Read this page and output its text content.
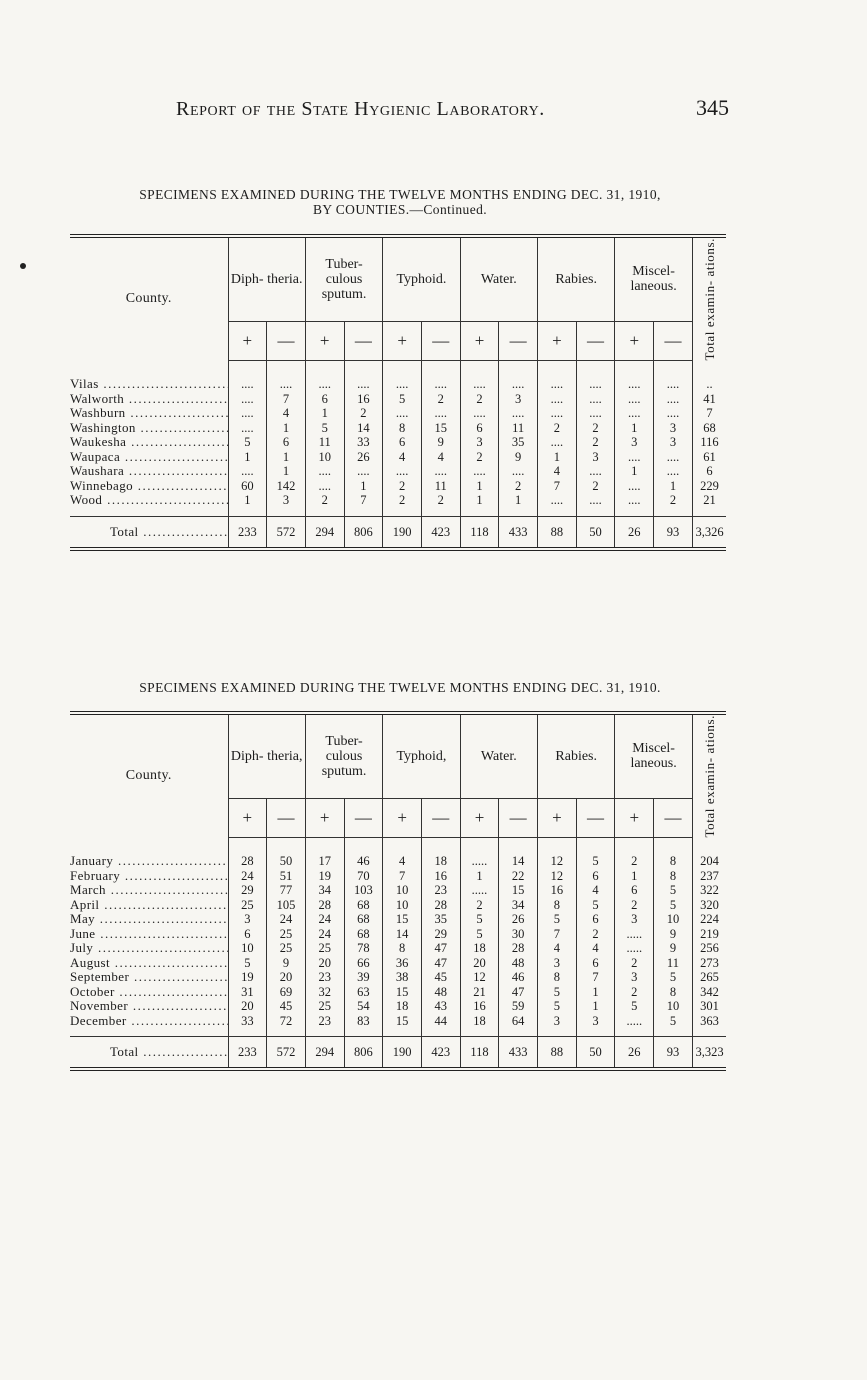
Report of the State Hygienic Laboratory.	345
SPECIMENS EXAMINED DURING THE TWELVE MONTHS ENDING DEC. 31, 1910,
BY COUNTIES.—Continued.
County.	Diph- theria.		Tuber- culous sputum.		Typhoid.		Water.		Rabies.		Miscel- laneous.		Total examin- ations.

	+	—	+	—	+	—	+	—	+	—	+	—	

Vilas .....	....	....	....	....	....	....	....	....	....	....	....	....	..
Walworth .....	....	7	6	16	5	2	2	3	....	....	....	....	41
Washburn .....	....	4	1	2	....	....	....	....	....	....	....	....	7
Washington .....	....	1	5	14	8	15	6	11	2	2	1	3	68
Waukesha .....	5	6	11	33	6	9	3	35	....	2	3	3	116
Waupaca .....	1	1	10	26	4	4	2	9	1	3	....	....	61
Waushara .....	....	1	....	....	....	....	....	....	4	....	1	....	6
Winnebago .....	60	142	....	1	2	11	1	2	7	2	....	1	229
Wood .....	1	3	2	7	2	2	1	1	....	....	....	2	21

Total .....	233	572	294	806	190	423	118	433	88	50	26	93	3,326
SPECIMENS EXAMINED DURING THE TWELVE MONTHS ENDING DEC. 31, 1910.
County.	Diph- theria,		Tuber- culous sputum.		Typhoid,		Water.		Rabies.		Miscel- laneous.		Total examin- ations.

	+	—	+	—	+	—	+	—	+	—	+	—	

January .....	28	50	17	46	4	18	.....	14	12	5	2	8	204
February .....	24	51	19	70	7	16	1	22	12	6	1	8	237
March .....	29	77	34	103	10	23	.....	15	16	4	6	5	322
April .....	25	105	28	68	10	28	2	34	8	5	2	5	320
May .....	3	24	24	68	15	35	5	26	5	6	3	10	224
June .....	6	25	24	68	14	29	5	30	7	2	.....	9	219
July .....	10	25	25	78	8	47	18	28	4	4	.....	9	256
August .....	5	9	20	66	36	47	20	48	3	6	2	11	273
September .....	19	20	23	39	38	45	12	46	8	7	3	5	265
October .....	31	69	32	63	15	48	21	47	5	1	2	8	342
November .....	20	45	25	54	18	43	16	59	5	1	5	10	301
December .....	33	72	23	83	15	44	18	64	3	3	.....	5	363

Total .....	233	572	294	806	190	423	118	433	88	50	26	93	3,323
